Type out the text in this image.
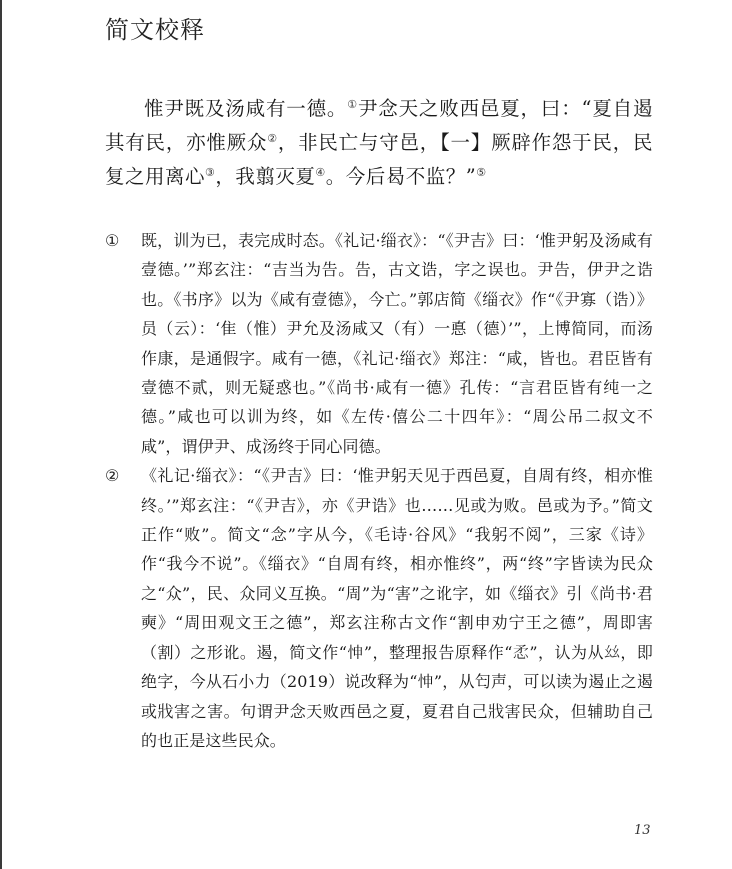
简文校释

惟尹既及汤咸有一德。①尹念天之败西邑夏，曰：“夏自遏其有民，亦惟厥众②，非民亡与守邑，【一】厥辟作怨于民，民复之用离心③，我翦灭夏④。今后曷不监？”⑤

①	既，训为已，表完成时态。《礼记·缁衣》：“《尹吉》曰：‘惟尹躬及汤咸有壹德。’”郑玄注：“吉当为告。告，古文诰，字之误也。尹告，伊尹之诰也。《书序》以为《咸有壹德》，今亡。”郭店简《缁衣》作“《尹寡（诰）》员（云）：‘隹（惟）尹允及汤咸又（有）一悳（德）’”，上博简同，而汤作康，是通假字。咸有一德，《礼记·缁衣》郑注：“咸，皆也。君臣皆有壹德不贰，则无疑惑也。”《尚书·咸有一德》孔传：“言君臣皆有纯一之德。”咸也可以训为终，如《左传·僖公二十四年》：“周公吊二叔文不咸”，谓伊尹、成汤终于同心同德。
②	《礼记·缁衣》：“《尹吉》曰：‘惟尹躬天见于西邑夏，自周有终，相亦惟终。’”郑玄注：“《尹吉》，亦《尹诰》也……见或为败。邑或为予。”简文正作“败”。简文“念”字从今，《毛诗·谷风》“我躬不阅”，三家《诗》作“我今不说”。《缁衣》“自周有终，相亦惟终”，两“终”字皆读为民众之“众”，民、众同义互换。“周”为“害”之讹字，如《缁衣》引《尚书·君奭》“周田观文王之德”，郑玄注称古文作“割申劝宁王之德”，周即害（割）之形讹。遏，简文作“𢘊”，整理报告原释作“𢘅”，认为从𢆶，即绝字，今从石小力（2019）说改释为“𢘊”，从匄声，可以读为遏止之遏或戕害之害。句谓尹念天败西邑之夏，夏君自己戕害民众，但辅助自己的也正是这些民众。
13
